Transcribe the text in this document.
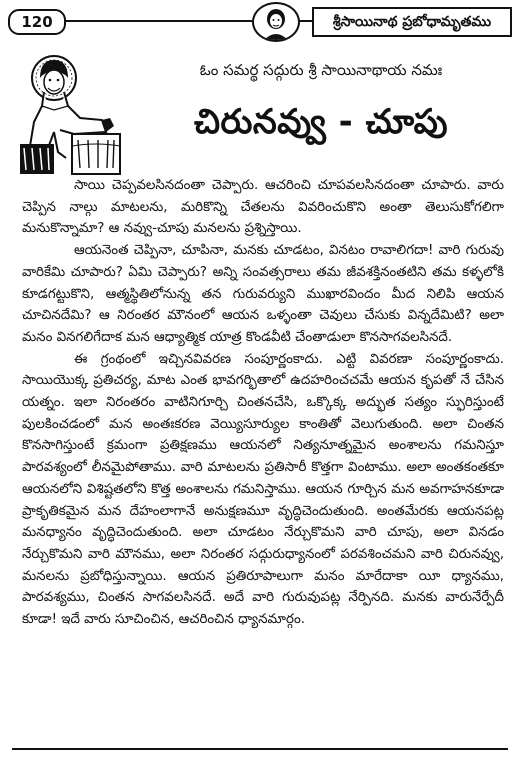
120	శ్రీసాయినాథ ప్రబోధామృతము
ఓం సమర్థ సద్గురు శ్రీ సాయినాథాయ నమః
చిరునవ్వు - చూపు

సాయి చెప్పవలసినదంతా చెప్పారు. ఆచరించి చూపవలసినదంతా చూపారు. వారు చెప్పిన నాల్గు మాటలను, మరికొన్ని చేతలను వివరించుకొని అంతా తెలుసుకోగలిగా మనుకొన్నామా? ఆ నవ్వు-చూపు మనలను ప్రశ్నిస్తాయి.

ఆయనెంత చెప్పినా, చూపినా, మనకు చూడటం, వినటం రావాలిగదా! వారి గురువు వారికేమి చూపారు? ఏమి చెప్పారు? అన్ని సంవత్సరాలు తమ జీవశక్తినంతటిని తమ కళ్ళలోకి కూడగట్టుకొని, ఆత్మస్థితిలోనున్న తన గురువర్యుని ముఖారవిందం మీద నిలిపి ఆయన చూచినదేమి? ఆ నిరంతర మౌనంలో ఆయన ఒళ్ళంతా చెవులు చేసుకు విన్నదేమిటి? అలా మనం వినగలిగేదాక మన ఆధ్యాత్మిక యాత్ర కొండవీటి చేంతాడులా కొనసాగవలసినదే.

ఈ గ్రంథంలో ఇచ్చినవివరణ సంపూర్ణంకాదు. ఎట్టి వివరణా సంపూర్ణంకాదు. సాయియొక్క ప్రతిచర్య, మాట ఎంత భావగర్భితాలో ఉదహరించచమే ఆయన కృపతో నే చేసిన యత్నం. ఇలా నిరంతరం వాటినిగూర్చి చింతనచేసి, ఒక్కొక్క అద్భుత సత్యం స్ఫురిస్తుంటే పులకించడంలో మన అంతఃకరణ వెయ్యిసూర్యుల కాంతితో వెలుగుతుంది. అలా చింతన కొనసాగిస్తుంటే క్రమంగా ప్రతిక్షణము ఆయనలో నిత్యనూత్నమైన అంశాలను గమనిస్తూ పారవశ్యంలో లీనమైపోతాము. వారి మాటలను ప్రతిసారీ కొత్తగా వింటాము. అలా అంతకంతకూ ఆయనలోని విశిష్టతలోని కొత్త అంశాలను గమనిస్తాము. ఆయన గూర్చిన మన అవగాహనకూడా ప్రాకృతికమైన మన దేహంలాగానే అనుక్షణమూ వృద్ధిచెందుతుంది. అంతమేరకు ఆయనపట్ల మనధ్యానం వృద్ధిచెందుతుంది. అలా చూడటం నేర్చుకొమని వారి చూపు, అలా వినడం నేర్చుకొమని వారి మౌనము, అలా నిరంతర సద్గురుధ్యానంలో పరవశించమని వారి చిరునవ్వు, మనలను ప్రబోధిస్తున్నాయి. ఆయన ప్రతిరూపాలుగా మనం మారేదాకా యీ ధ్యానము, పారవశ్యము, చింతన సాగవలసినదే. అదే వారి గురువుపట్ల నేర్పినది. మనకు వారునేర్పేదీ కూడా! ఇదే వారు సూచించిన, ఆచరించిన ధ్యానమార్గం.
